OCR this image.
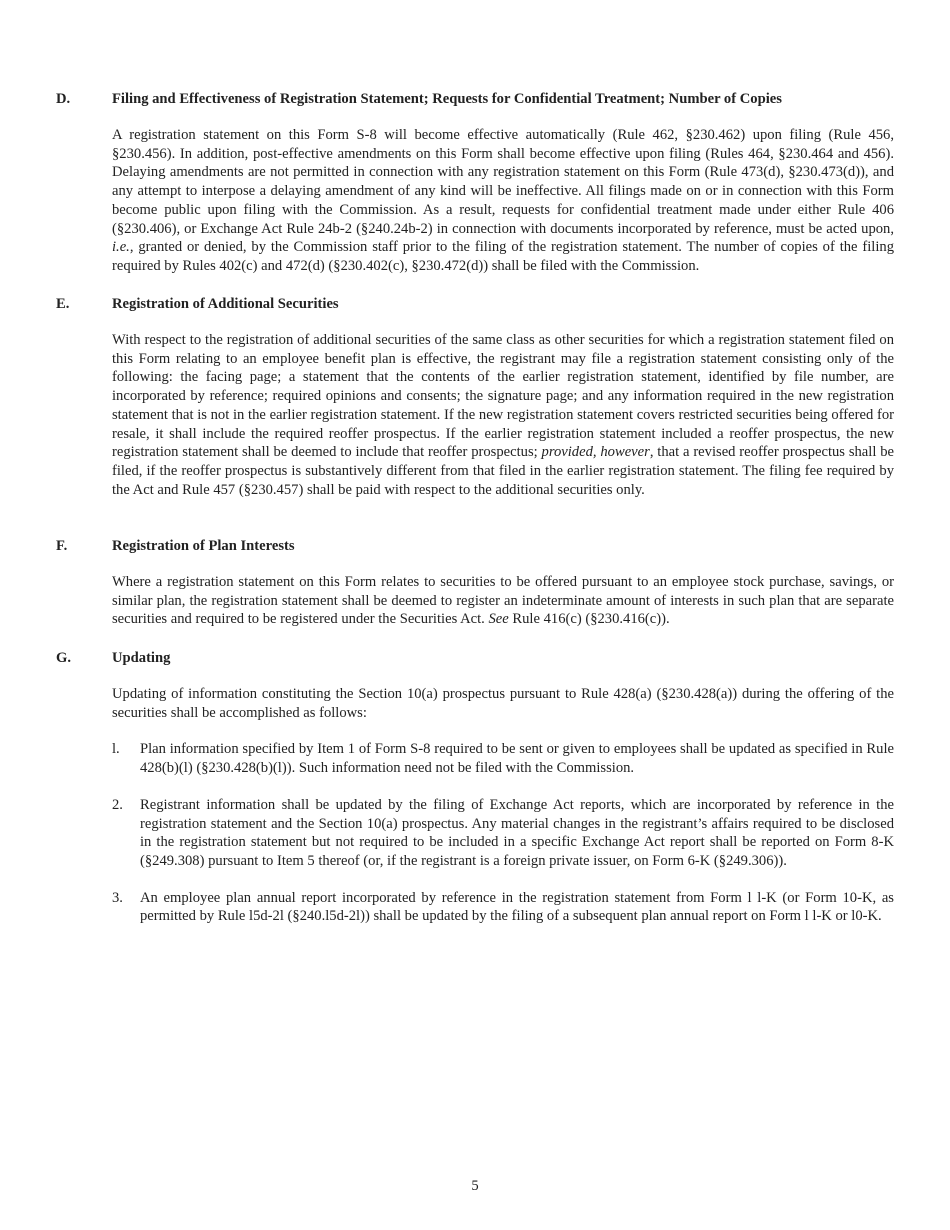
D.	Filing and Effectiveness of Registration Statement; Requests for Confidential Treatment; Number of Copies

A registration statement on this Form S-8 will become effective automatically (Rule 462, §230.462) upon filing (Rule 456, §230.456). In addition, post-effective amendments on this Form shall become effective upon filing (Rules 464, §230.464 and 456). Delaying amendments are not permitted in connection with any registration statement on this Form (Rule 473(d), §230.473(d)), and any attempt to interpose a delaying amendment of any kind will be ineffective. All filings made on or in connection with this Form become public upon filing with the Commission. As a result, requests for confidential treatment made under either Rule 406 (§230.406), or Exchange Act Rule 24b-2 (§240.24b-2) in connection with documents incorporated by reference, must be acted upon, i.e., granted or denied, by the Commission staff prior to the filing of the registration statement. The number of copies of the filing required by Rules 402(c) and 472(d) (§230.402(c), §230.472(d)) shall be filed with the Commission.

E.	Registration of Additional Securities

With respect to the registration of additional securities of the same class as other securities for which a registration statement filed on this Form relating to an employee benefit plan is effective, the registrant may file a registration statement consisting only of the following: the facing page; a statement that the contents of the earlier registration statement, identified by file number, are incorporated by reference; required opinions and consents; the signature page; and any information required in the new registration statement that is not in the earlier registration statement. If the new registration statement covers restricted securities being offered for resale, it shall include the required reoffer prospectus. If the earlier registration statement included a reoffer prospectus, the new registration statement shall be deemed to include that reoffer prospectus; provided, however, that a revised reoffer prospectus shall be filed, if the reoffer prospectus is substantively different from that filed in the earlier registration statement. The filing fee required by the Act and Rule 457 (§230.457) shall be paid with respect to the additional securities only.

F.	Registration of Plan Interests

Where a registration statement on this Form relates to securities to be offered pursuant to an employee stock purchase, savings, or similar plan, the registration statement shall be deemed to register an indeterminate amount of interests in such plan that are separate securities and required to be registered under the Securities Act. See Rule 416(c) (§230.416(c)).

G.	Updating

Updating of information constituting the Section 10(a) prospectus pursuant to Rule 428(a) (§230.428(a)) during the offering of the securities shall be accomplished as follows:

l. Plan information specified by Item 1 of Form S-8 required to be sent or given to employees shall be updated as specified in Rule 428(b)(l) (§230.428(b)(l)). Such information need not be filed with the Commission.
2. Registrant information shall be updated by the filing of Exchange Act reports, which are incorporated by reference in the registration statement and the Section 10(a) prospectus. Any material changes in the registrant’s affairs required to be disclosed in the registration statement but not required to be included in a specific Exchange Act report shall be reported on Form 8-K (§249.308) pursuant to Item 5 thereof (or, if the registrant is a foreign private issuer, on Form 6-K (§249.306)).
3. An employee plan annual report incorporated by reference in the registration statement from Form l l-K (or Form 10-K, as permitted by Rule l5d-2l (§240.l5d-2l)) shall be updated by the filing of a subsequent plan annual report on Form l l-K or l0-K.
5
